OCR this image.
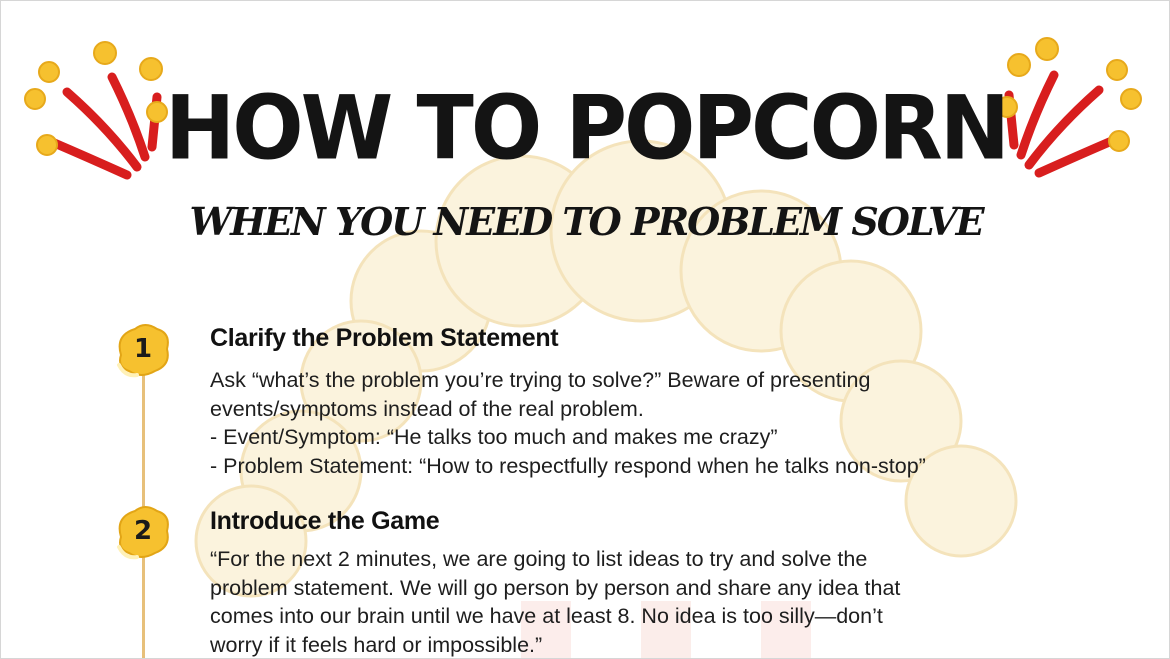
HOW TO POPCORN
WHEN YOU NEED TO PROBLEM SOLVE
1
2
Clarify the Problem Statement
Ask “what’s the problem you’re trying to solve?” Beware of presenting
events/symptoms instead of the real problem.
- Event/Symptom: “He talks too much and makes me crazy”
- Problem Statement: “How to respectfully respond when he talks non-stop”
Introduce the Game
“For the next 2 minutes, we are going to list ideas to try and solve the
problem statement. We will go person by person and share any idea that
comes into our brain until we have at least 8. No idea is too silly—don’t
worry if it feels hard or impossible.”
